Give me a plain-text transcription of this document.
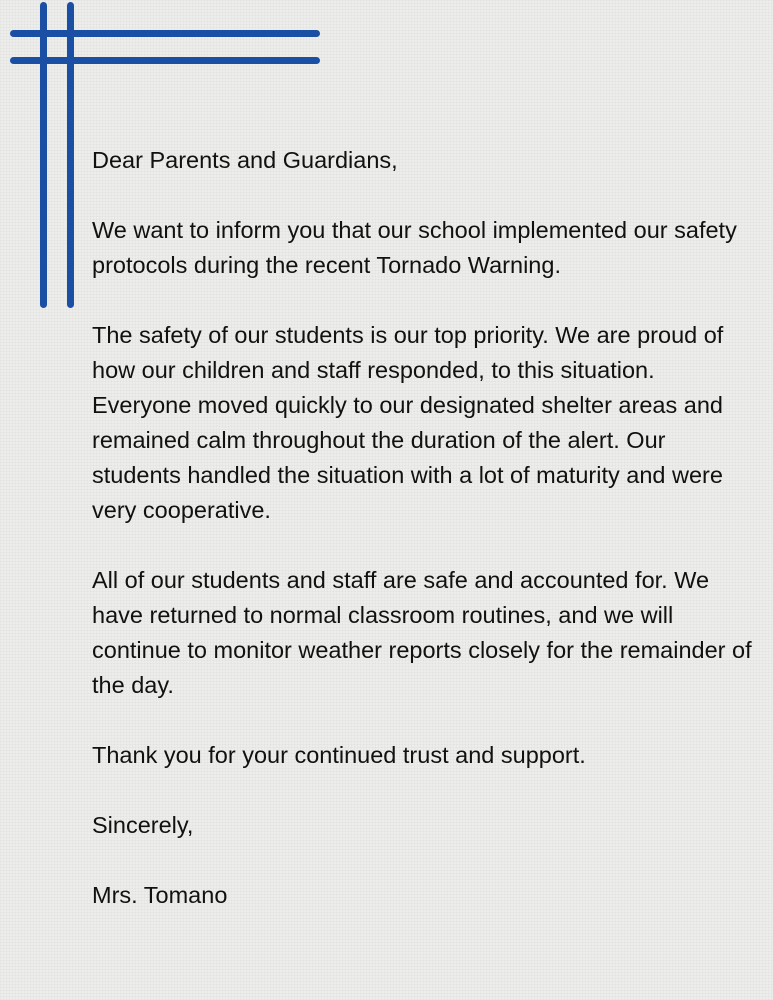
Dear Parents and Guardians,

We want to inform you that our school implemented our safety protocols during the recent Tornado Warning.

The safety of our students is our top priority. We are proud of how our children and staff responded, to this situation. Everyone moved quickly to our designated shelter areas and remained calm throughout the duration of the alert. Our students handled the situation with a lot of maturity and were very cooperative.

All of our students and staff are safe and accounted for. We have returned to normal classroom routines, and we will continue to monitor weather reports closely for the remainder of the day.

Thank you for your continued trust and support.

Sincerely,

Mrs. Tomano
